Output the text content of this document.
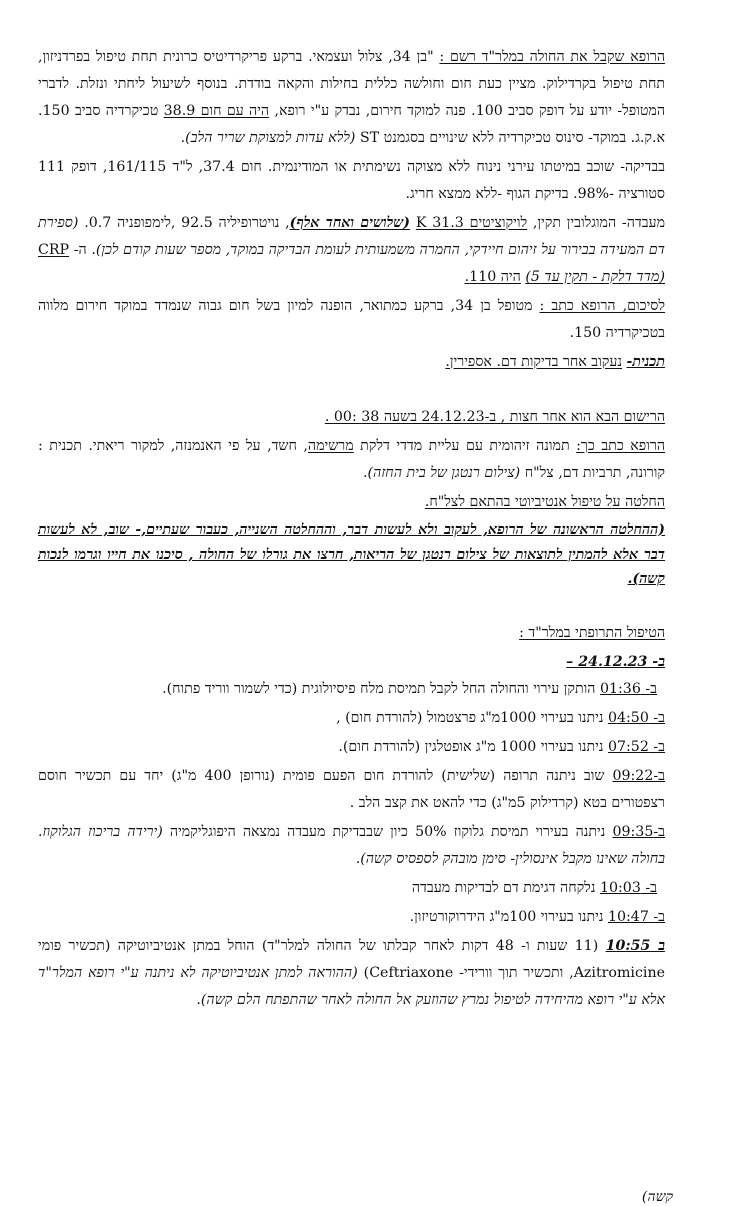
הרופא שקבל את החולה במלר"ד רשם : "בן 34, צלול ועצמאי. ברקע פריקרדיטיס כרונית תחת טיפול בפרדניזון, תחת טיפול בקרדילוק. מציין כעת חום וחולשה כללית בחילות והקאה בודדת. בנוסף לשיעול ליחתי ונזלת. לדברי המטופל- יודע על דופק סביב 100. פנה למוקד חירום, נבדק ע"י רופא, היה עם חום 38.9 טכיקרדיה סביב 150. א.ק.ג. במוקד- סינוס טכיקרדיה ללא שינויים בסגמנט ST (ללא עדות למצוקת שריר הלב).

בבדיקה- שוכב במיטתו עירני נינוח ללא מצוקה נשימתית או המודינמית. חום 37.4, ל"ד 161/115, דופק 111 סטורציה -98%. בדיקת הגוף -ללא ממצא חריג.

מעבדה- המוגלובין תקין, לויקוציטים K 31.3 (שלושים ואחד אלף), נויטרופיליה 92.5 ,לימפופניה 0.7. (ספירת דם המעידה בבירור על זיהום חיידקי, החמרה משמעותית לעומת הבדיקה במוקד, מספר שעות קודם לכן). ה- CRP (מדד דלקת - תקין עד 5) היה 110.

לסיכום, הרופא כתב : מטופל בן 34, ברקע כמתואר, הופנה למיון בשל חום גבוה שנמדד במוקד חירום מלווה בטכיקרדיה 150.

תכנית- נעקוב אחר בדיקות דם. אספירין.

הרישום הבא הוא אחר חצות , ב-24.12.23 בשעה 38 :00 .

הרופא כתב כך: תמונה זיהומית עם עליית מדדי דלקת מרשימה, חשד, על פי האנמנזה, למקור ריאתי. תכנית : קורונה, תרביות דם, צל"ח (צילום רנטגן של בית החזה).

החלטה על טיפול אנטיביוטי בהתאם לצל"ח.

(ההחלטה הראשונה של הרופא, לעקוב ולא לעשות דבר, וההחלטה השנייה, כעבור שעתיים,- שוב, לא לעשות דבר אלא להמתין לתוצאות של צילום רנטגן של הריאות, חרצו את גורלו של החולה , סיכנו את חייו וגרמו לנכות קשה).

הטיפול התרופתי במלר"ד :

ב- 24.12.23 –

ב- 01:36 הותקן עירוי והחולה החל לקבל תמיסת מלח פיסיולוגית (כדי לשמור ווריד פתוח).

ב- 04:50 ניתנו בעירוי 1000מ"ג פרצטמול (להורדת חום) ,

ב- 07:52 ניתנו בעירוי 1000 מ"ג אופטלגין (להורדת חום).

ב-09:22 שוב ניתנה תרופה (שלישית) להורדת חום הפעם פומית (נורופן 400 מ"ג) יחד עם תכשיר חוסם רצפטורים בטא (קרדילוק 5מ"ג) כדי להאט את קצב הלב .

ב-09:35 ניתנה בעירוי תמיסת גלוקוז 50% כיון שבבדיקת מעבדה נמצאה היפוגליקמיה (ירידה בריכוז הגלוקוז. בחולה שאינו מקבל אינסולין- סימן מובהק לספסיס קשה).

ב- 10:03 נלקחה דגימת דם לבדיקות מעבדה

ב- 10:47 ניתנו בעירוי 100מ"ג הידרוקורטיזון.

ב 10:55 (11 שעות ו- 48 דקות לאחר קבלתו של החולה למלר"ד) הוחל במתן אנטיביוטיקה (תכשיר פומי Azitromicine, ותכשיר תוך וורידי- Ceftriaxone) (ההוראה למתן אנטיביוטיקה לא ניתנה ע"י רופא המלר"ד אלא ע"י רופא מהיחידה לטיפול נמרץ שהוזעק אל החולה לאחר שהתפתח הלם קשה).

קשה)
